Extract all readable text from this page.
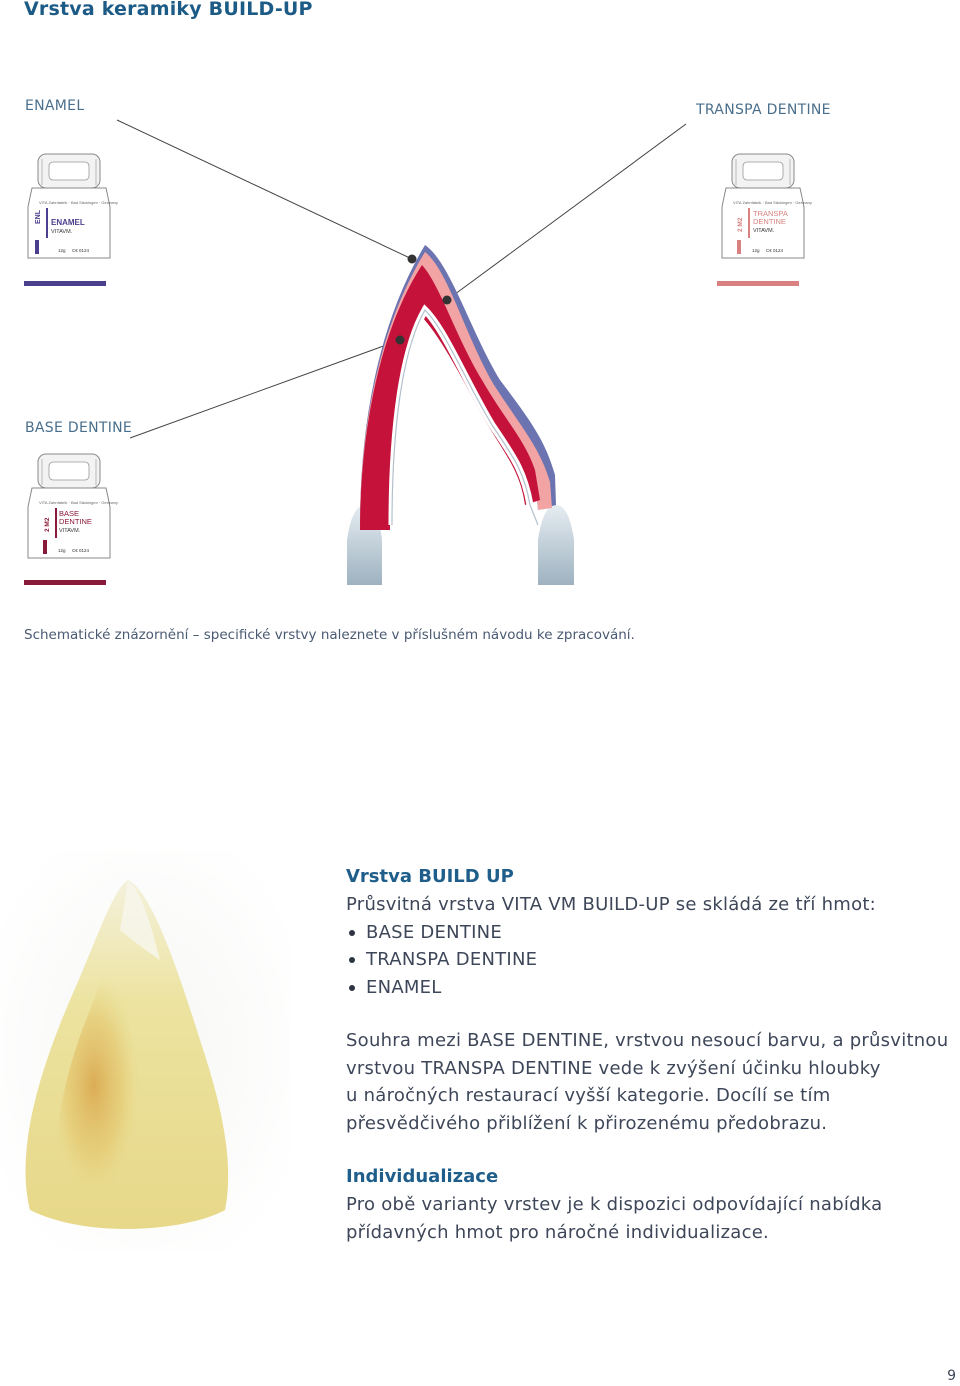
Vrstva keramiky BUILD-UP
ENAMEL	TRANSPA DENTINE
BASE DENTINE
VITA Zahnfabrik · Bad Säckingen · Germany
ENL ENAMEL
VITAVM.
12g C€ 0124
VITA Zahnfabrik · Bad Säckingen · Germany
2 M2
TRANSPA
DENTINE
VITAVM.
12g C€ 0124
VITA Zahnfabrik · Bad Säckingen · Germany
2 M2
BASE
DENTINE
VITAVM.
12g C€ 0124
Schematické znázornění – specifické vrstvy naleznete v příslušném návodu ke zpracování.
Vrstva BUILD UP
Průsvitná vrstva VITA VM BUILD-UP se skládá ze tří hmot:
BASE DENTINE
TRANSPA DENTINE
ENAMEL
Souhra mezi BASE DENTINE, vrstvou nesoucí barvu, a průsvitnou
vrstvou TRANSPA DENTINE vede k zvýšení účinku hloubky
u náročných restaurací vyšší kategorie. Docílí se tím
přesvědčivého přiblížení k přirozenému předobrazu.
Individualizace
Pro obě varianty vrstev je k dispozici odpovídající nabídka
přídavných hmot pro náročné individualizace.
9
